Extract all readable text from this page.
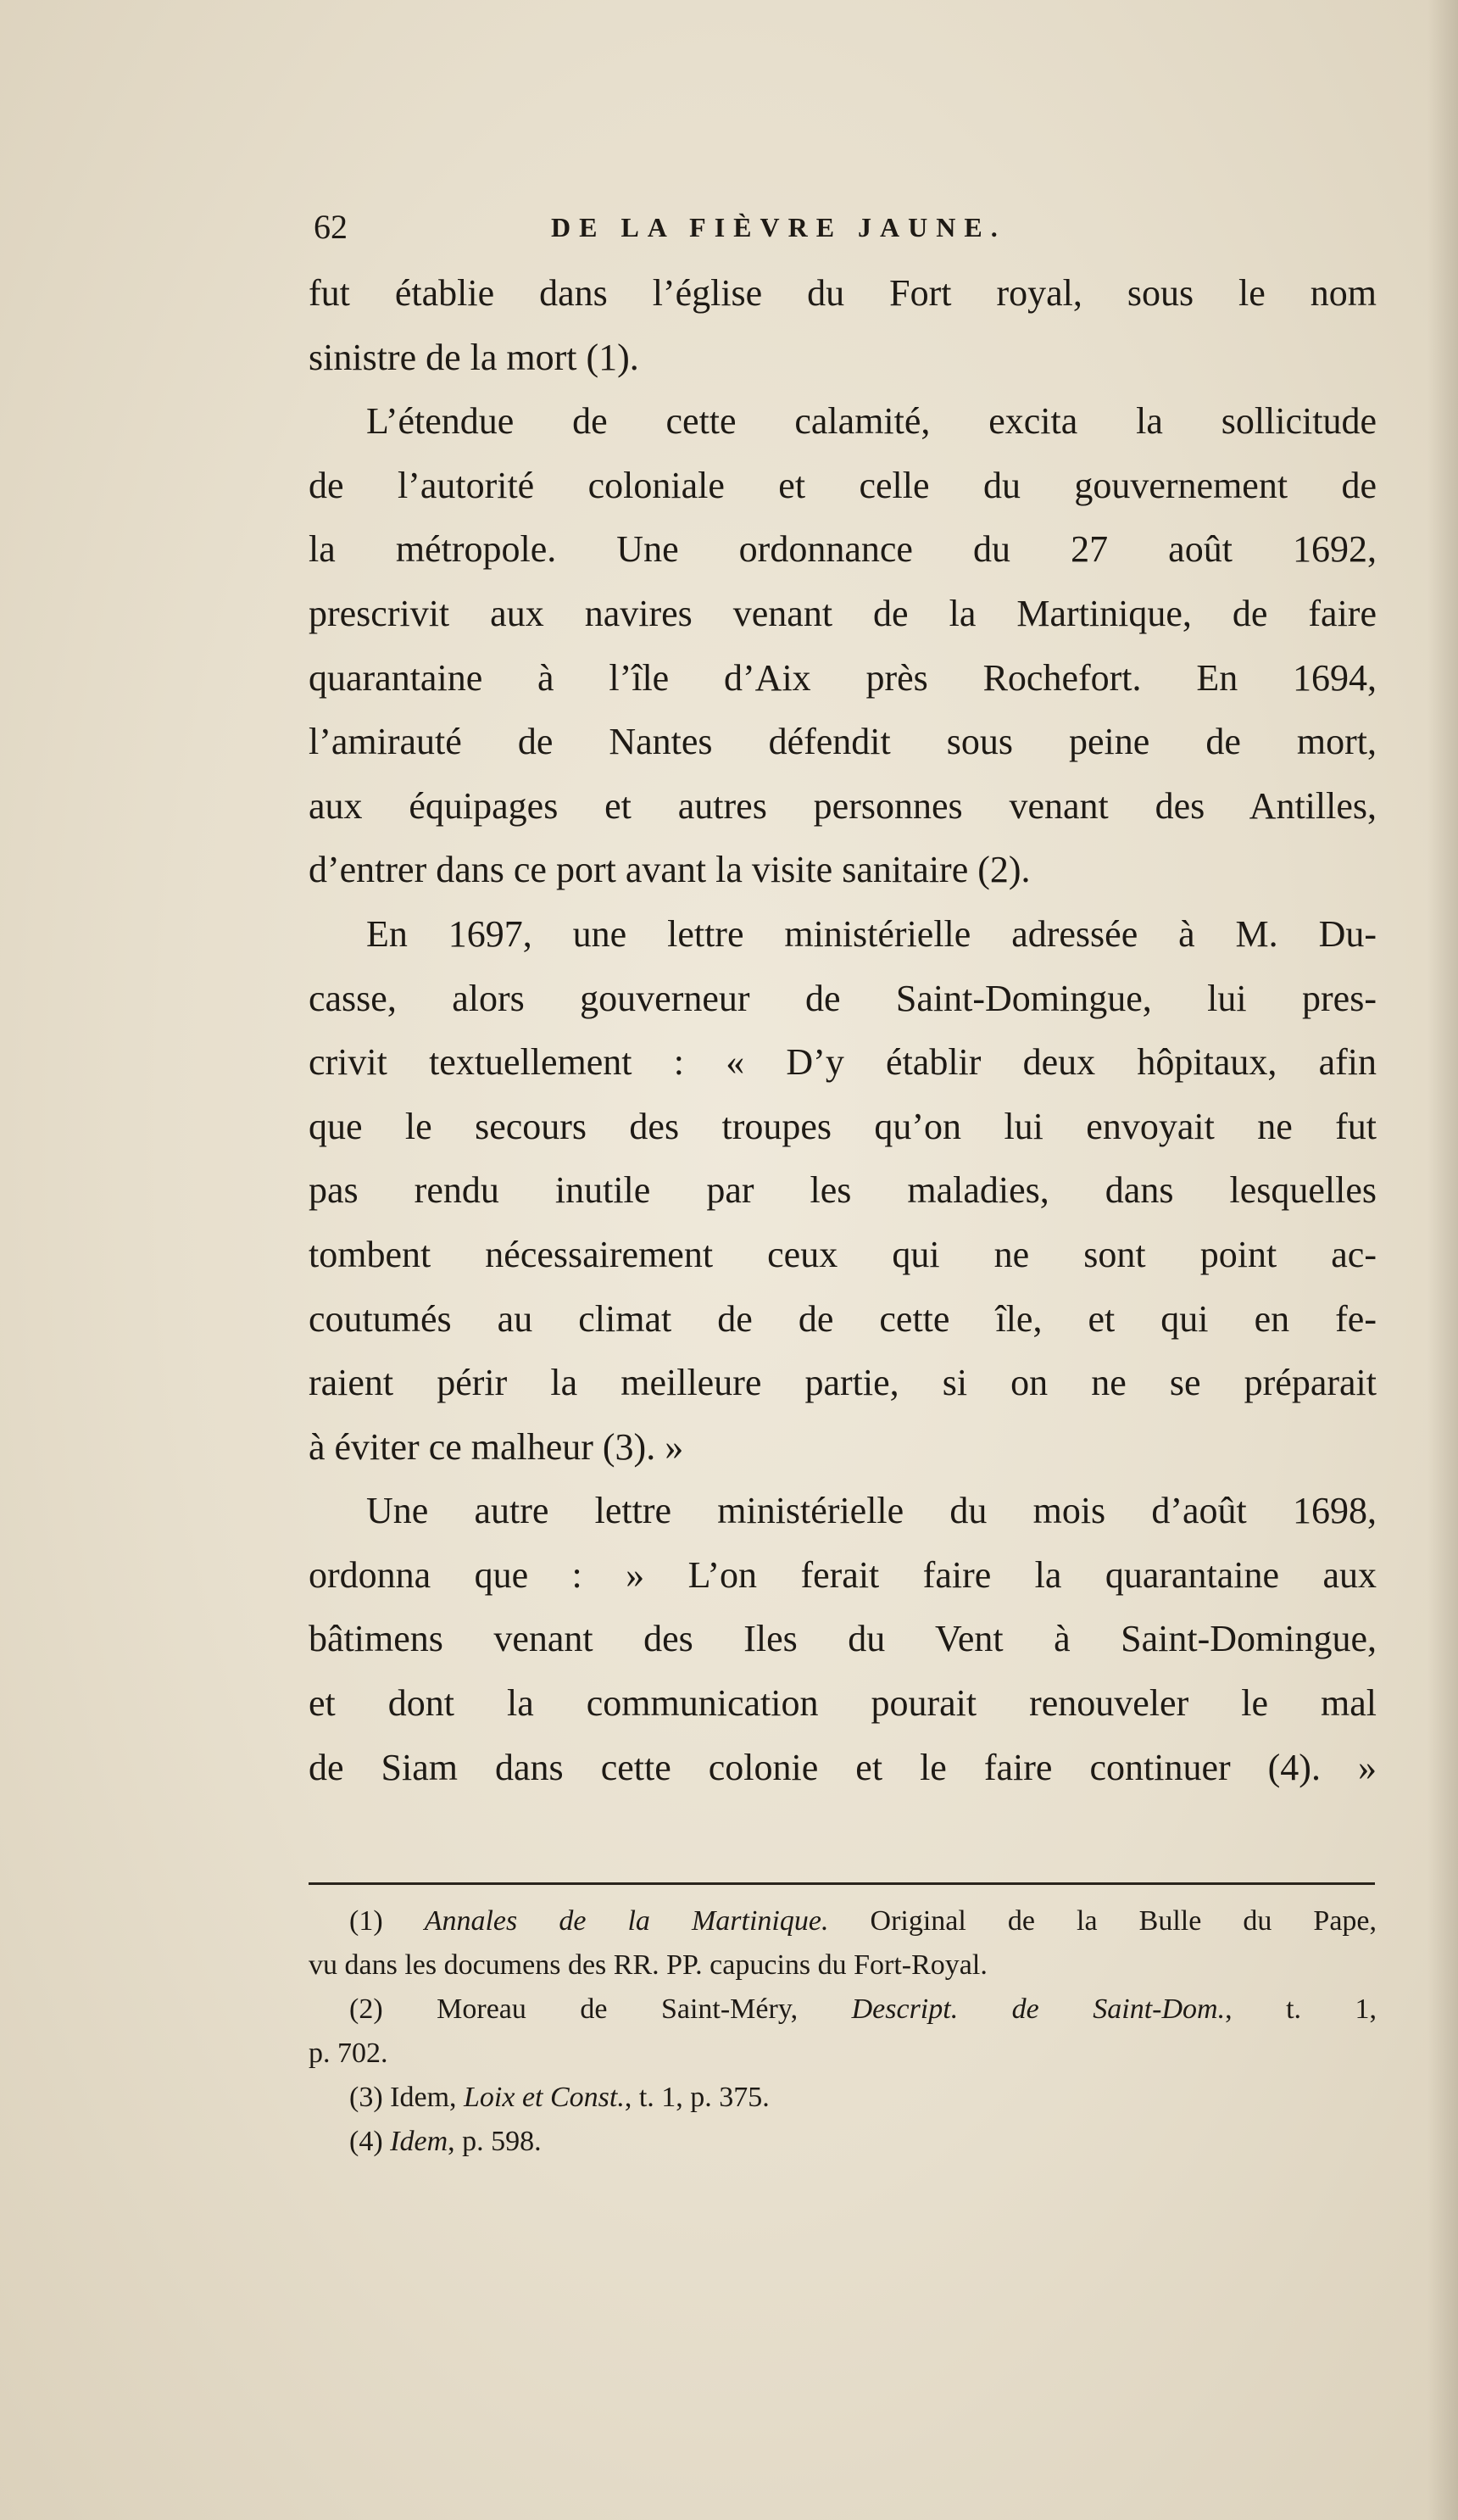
62	DE LA FIÈVRE JAUNE.
fut établie dans l’église du Fort royal, sous le nom
sinistre de la mort (1).
L’étendue de cette calamité, excita la sollicitude
de l’autorité coloniale et celle du gouvernement de
la métropole. Une ordonnance du 27 août 1692,
prescrivit aux navires venant de la Martinique, de faire
quarantaine à l’île d’Aix près Rochefort. En 1694,
l’amirauté de Nantes défendit sous peine de mort,
aux équipages et autres personnes venant des Antilles,
d’entrer dans ce port avant la visite sanitaire (2).
En 1697, une lettre ministérielle adressée à M. Du-
casse, alors gouverneur de Saint-Domingue, lui pres-
crivit textuellement : « D’y établir deux hôpitaux, afin
que le secours des troupes qu’on lui envoyait ne fut
pas rendu inutile par les maladies, dans lesquelles
tombent nécessairement ceux qui ne sont point ac-
coutumés au climat de de cette île, et qui en fe-
raient périr la meilleure partie, si on ne se préparait
à éviter ce malheur (3). »
Une autre lettre ministérielle du mois d’août 1698,
ordonna que : » L’on ferait faire la quarantaine aux
bâtimens venant des Iles du Vent à Saint-Domingue,
et dont la communication pourait renouveler le mal
de Siam dans cette colonie et le faire continuer (4). »
(1) Annales de la Martinique. Original de la Bulle du Pape,
vu dans les documens des RR. PP. capucins du Fort-Royal.
(2) Moreau de Saint-Méry, Descript. de Saint-Dom., t. 1,
p. 702.
(3) Idem, Loix et Const., t. 1, p. 375.
(4) Idem, p. 598.
